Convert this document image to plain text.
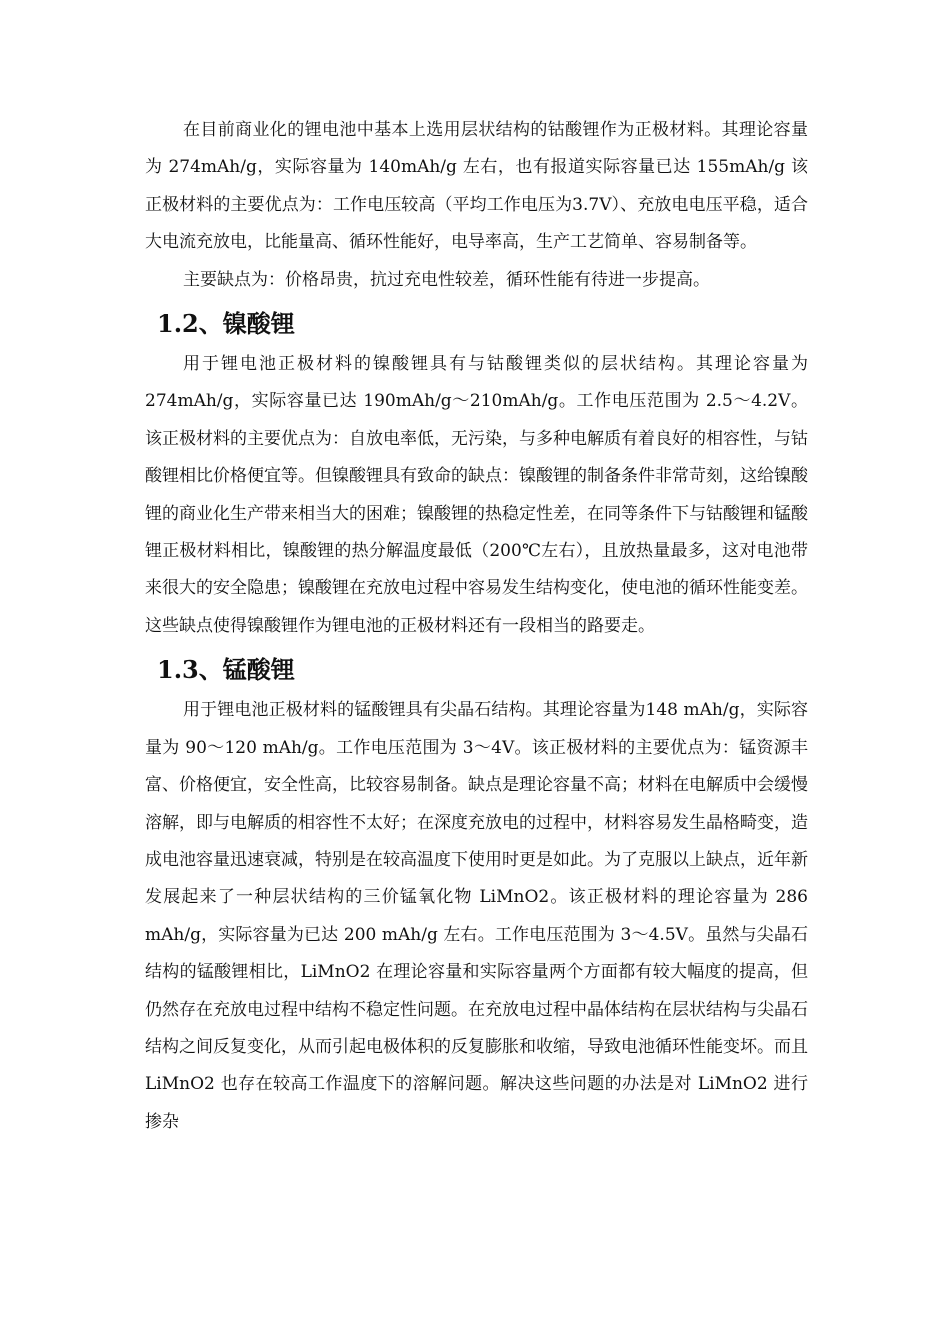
在目前商业化的锂电池中基本上选用层状结构的钴酸锂作为正极材料。其理论容量为 274mAh/g，实际容量为 140mAh/g 左右，也有报道实际容量已达 155mAh/g 该正极材料的主要优点为：工作电压较高（平均工作电压为3.7V）、充放电电压平稳，适合大电流充放电，比能量高、循环性能好，电导率高，生产工艺简单、容易制备等。

主要缺点为：价格昂贵，抗过充电性较差，循环性能有待进一步提高。

1.2、镍酸锂

用于锂电池正极材料的镍酸锂具有与钴酸锂类似的层状结构。其理论容量为 274mAh/g，实际容量已达 190mAh/g～210mAh/g。工作电压范围为 2.5～4.2V。该正极材料的主要优点为：自放电率低，无污染，与多种电解质有着良好的相容性，与钴酸锂相比价格便宜等。但镍酸锂具有致命的缺点：镍酸锂的制备条件非常苛刻，这给镍酸锂的商业化生产带来相当大的困难；镍酸锂的热稳定性差，在同等条件下与钴酸锂和锰酸锂正极材料相比，镍酸锂的热分解温度最低（200℃左右），且放热量最多，这对电池带来很大的安全隐患；镍酸锂在充放电过程中容易发生结构变化，使电池的循环性能变差。这些缺点使得镍酸锂作为锂电池的正极材料还有一段相当的路要走。

1.3、锰酸锂

用于锂电池正极材料的锰酸锂具有尖晶石结构。其理论容量为148 mAh/g，实际容量为 90～120 mAh/g。工作电压范围为 3～4V。该正极材料的主要优点为：锰资源丰富、价格便宜，安全性高，比较容易制备。缺点是理论容量不高；材料在电解质中会缓慢溶解，即与电解质的相容性不太好；在深度充放电的过程中，材料容易发生晶格畸变，造成电池容量迅速衰减，特别是在较高温度下使用时更是如此。为了克服以上缺点，近年新发展起来了一种层状结构的三价锰氧化物 LiMnO2。该正极材料的理论容量为 286 mAh/g，实际容量为已达 200 mAh/g 左右。工作电压范围为 3～4.5V。虽然与尖晶石结构的锰酸锂相比，LiMnO2 在理论容量和实际容量两个方面都有较大幅度的提高，但仍然存在充放电过程中结构不稳定性问题。在充放电过程中晶体结构在层状结构与尖晶石结构之间反复变化，从而引起电极体积的反复膨胀和收缩，导致电池循环性能变坏。而且 LiMnO2 也存在较高工作温度下的溶解问题。解决这些问题的办法是对 LiMnO2 进行掺杂
